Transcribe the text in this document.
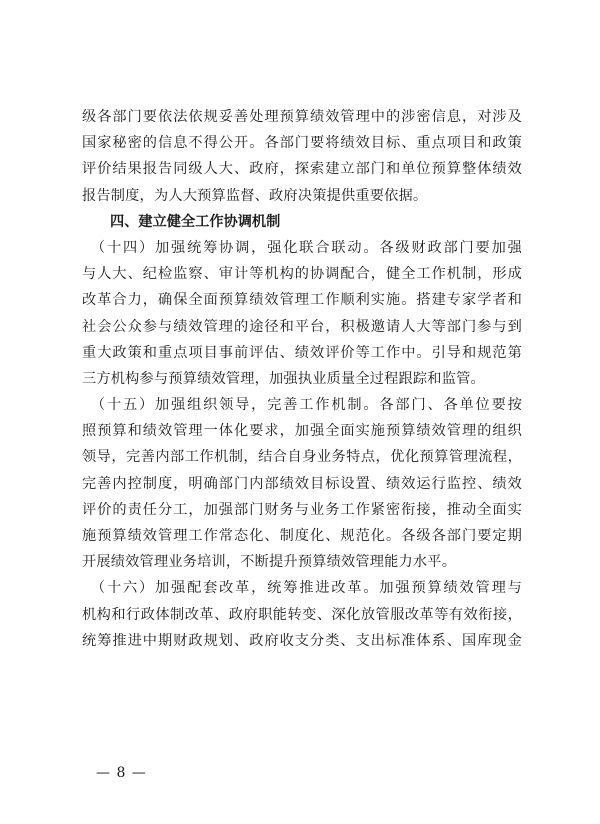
级各部门要依法依规妥善处理预算绩效管理中的涉密信息，对涉及
国家秘密的信息不得公开。各部门要将绩效目标、重点项目和政策
评价结果报告同级人大、政府，探索建立部门和单位预算整体绩效
报告制度，为人大预算监督、政府决策提供重要依据。
四、建立健全工作协调机制
　（十四）加强统筹协调，强化联合联动。各级财政部门要加强
与人大、纪检监察、审计等机构的协调配合，健全工作机制，形成
改革合力，确保全面预算绩效管理工作顺利实施。搭建专家学者和
社会公众参与绩效管理的途径和平台，积极邀请人大等部门参与到
重大政策和重点项目事前评估、绩效评价等工作中。引导和规范第
三方机构参与预算绩效管理，加强执业质量全过程跟踪和监管。
　（十五）加强组织领导，完善工作机制。各部门、各单位要按
照预算和绩效管理一体化要求，加强全面实施预算绩效管理的组织
领导，完善内部工作机制，结合自身业务特点，优化预算管理流程，
完善内控制度，明确部门内部绩效目标设置、绩效运行监控、绩效
评价的责任分工，加强部门财务与业务工作紧密衔接，推动全面实
施预算绩效管理工作常态化、制度化、规范化。各级各部门要定期
开展绩效管理业务培训，不断提升预算绩效管理能力水平。
　（十六）加强配套改革，统筹推进改革。加强预算绩效管理与
机构和行政体制改革、政府职能转变、深化放管服改革等有效衔接，
统筹推进中期财政规划、政府收支分类、支出标准体系、国库现金
— 8 —
